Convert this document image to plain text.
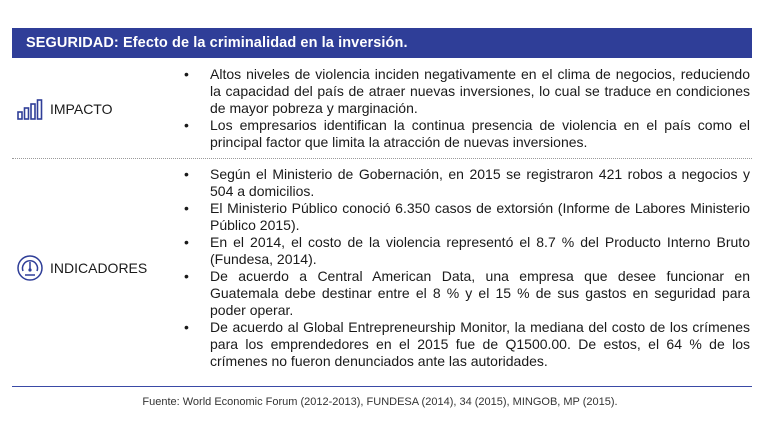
SEGURIDAD: Efecto de la criminalidad en la inversión.
IMPACTO
• Altos niveles de violencia inciden negativamente en el clima de negocios, reduciendo la capacidad del país de atraer nuevas inversiones, lo cual se traduce en condiciones de mayor pobreza y marginación.
• Los empresarios identifican la continua presencia de violencia en el país como el principal factor que limita la atracción de nuevas inversiones.
INDICADORES
• Según el Ministerio de Gobernación, en 2015 se registraron 421 robos a negocios y 504 a domicilios.
• El Ministerio Público conoció 6.350 casos de extorsión (Informe de Labores Ministerio Público 2015).
• En el 2014, el costo de la violencia representó el 8.7 % del Producto Interno Bruto (Fundesa, 2014).
• De acuerdo a Central American Data, una empresa que desee funcionar en Guatemala debe destinar entre el 8 % y el 15 % de sus gastos en seguridad para poder operar.
• De acuerdo al Global Entrepreneurship Monitor, la mediana del costo de los crímenes para los emprendedores en el 2015 fue de Q1500.00. De estos, el 64 % de los crímenes no fueron denunciados ante las autoridades.
Fuente: World Economic Forum (2012-2013), FUNDESA (2014), 34 (2015), MINGOB, MP (2015).
